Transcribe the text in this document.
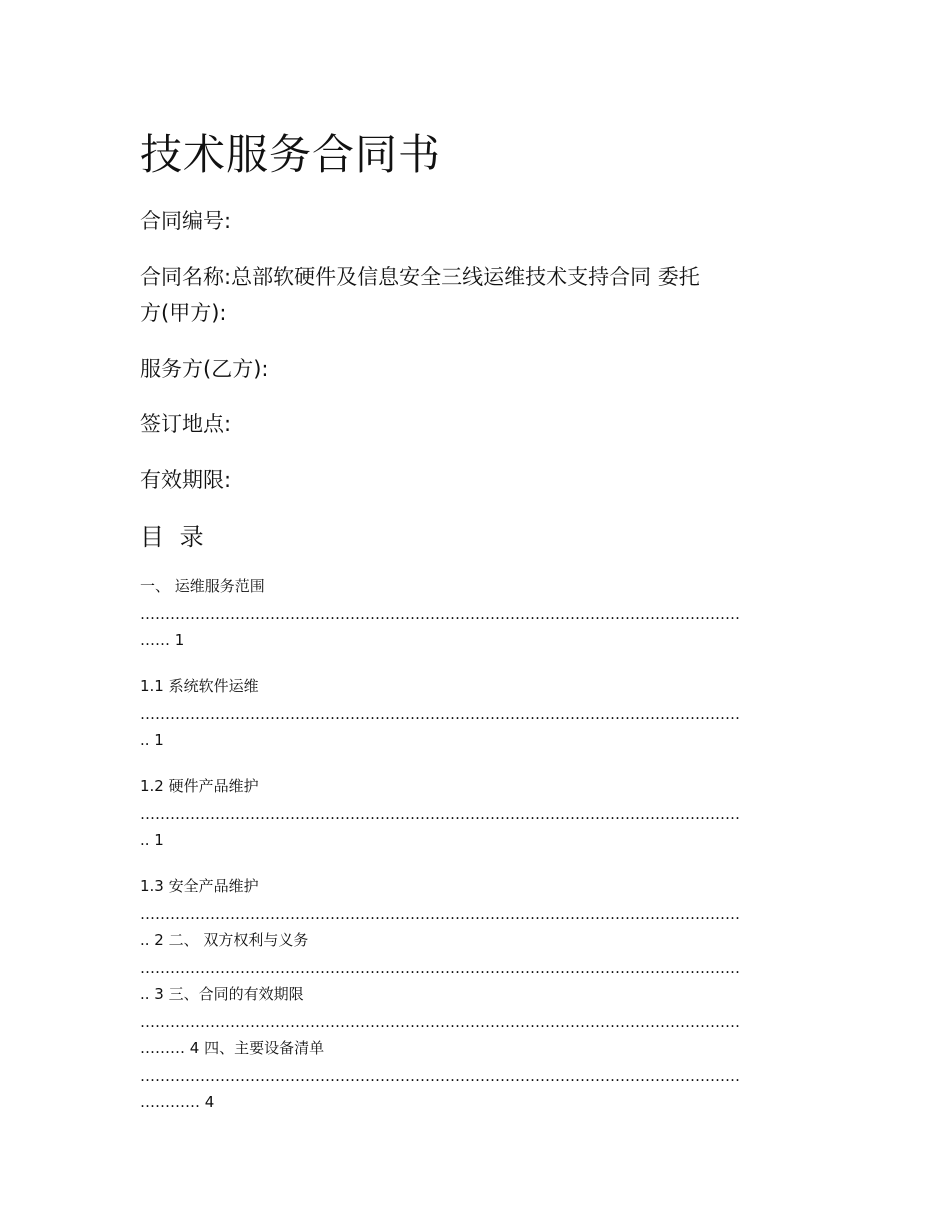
技术服务合同书
合同编号:
合同名称:总部软硬件及信息安全三线运维技术支持合同 委托
方(甲方):
服务方(乙方):
签订地点:
有效期限:
目 录
一、 运维服务范围
…………………………………………………………………………………………………………
…… 1
1.1 系统软件运维
…………………………………………………………………………………………………………
.. 1
1.2 硬件产品维护
…………………………………………………………………………………………………………
.. 1
1.3 安全产品维护
…………………………………………………………………………………………………………
.. 2 二、 双方权利与义务
…………………………………………………………………………………………………………
.. 3 三、合同的有效期限
…………………………………………………………………………………………………………
……… 4 四、主要设备清单
…………………………………………………………………………………………………………
………… 4
